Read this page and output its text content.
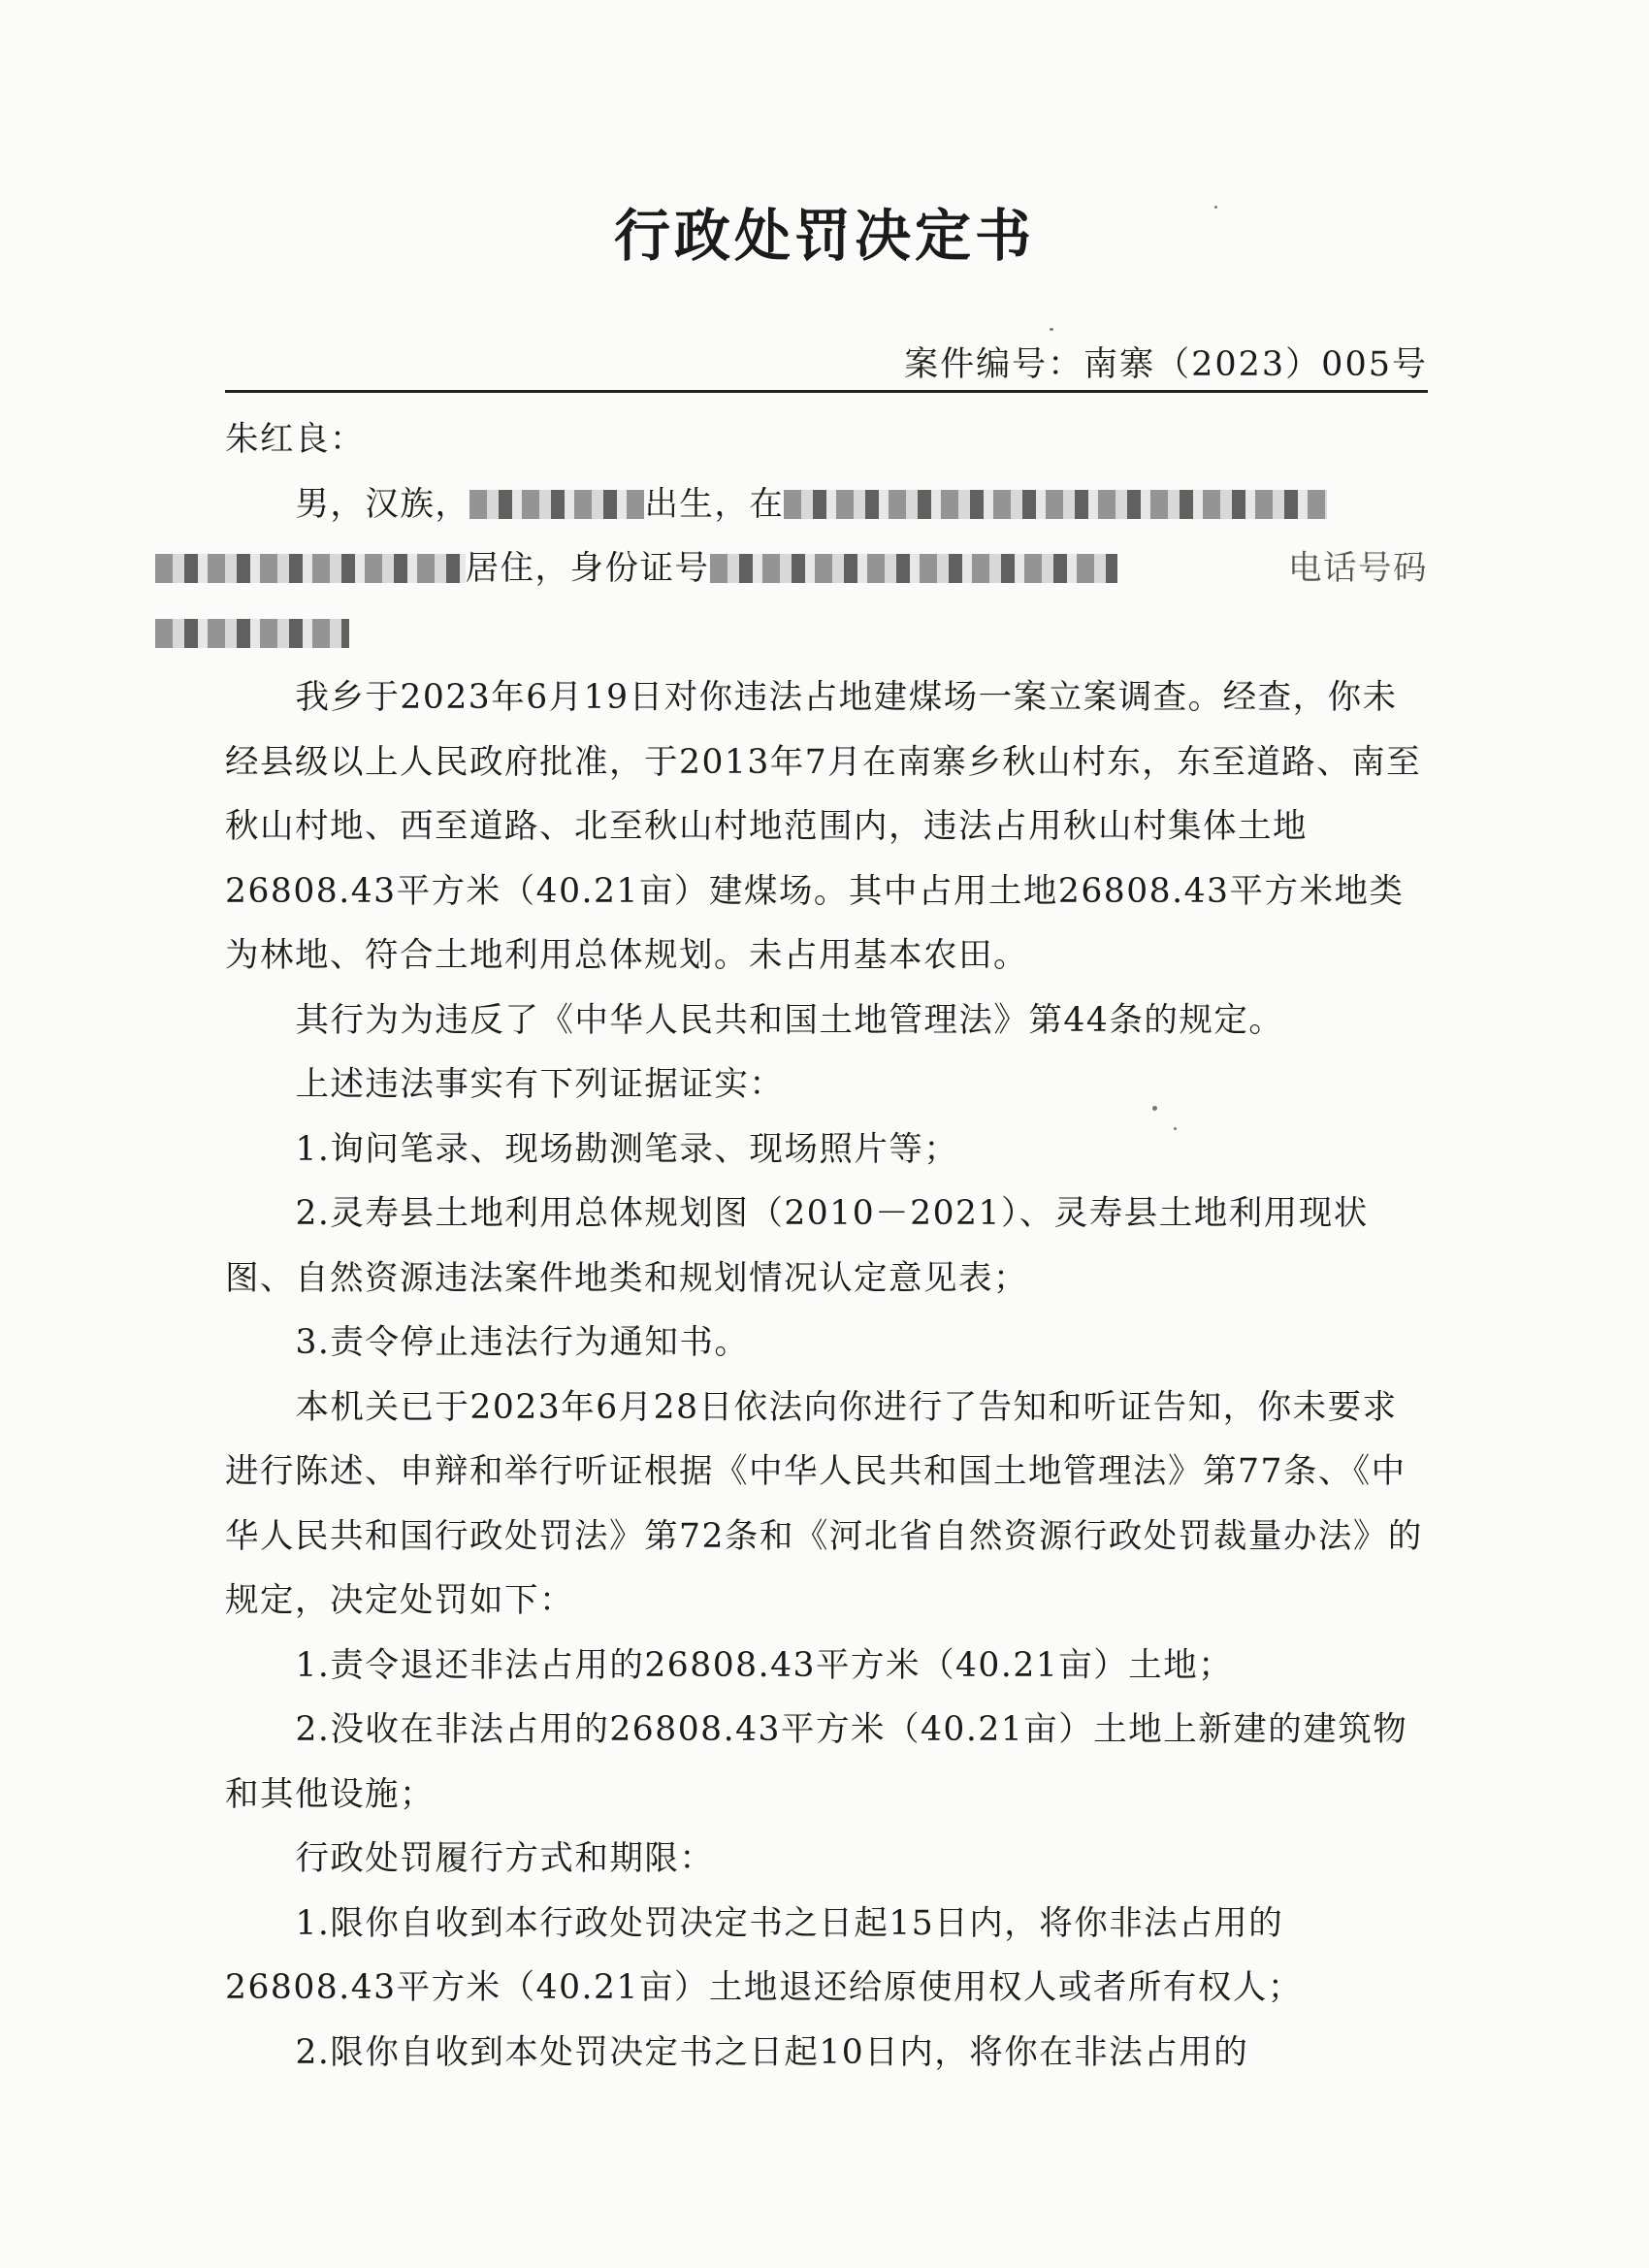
行政处罚决定书
案件编号：南寨（2023）005号

朱红良：

男，汉族，	出生，在
居住，身份证号	电话号码

我乡于2023年6月19日对你违法占地建煤场一案立案调查。经查，你未经县级以上人民政府批准，于2013年7月在南寨乡秋山村东，东至道路、南至秋山村地、西至道路、北至秋山村地范围内，违法占用秋山村集体土地26808.43平方米（40.21亩）建煤场。其中占用土地26808.43平方米地类为林地、符合土地利用总体规划。未占用基本农田。

其行为为违反了《中华人民共和国土地管理法》第44条的规定。

上述违法事实有下列证据证实：

1.询问笔录、现场勘测笔录、现场照片等；

2.灵寿县土地利用总体规划图（2010－2021）、灵寿县土地利用现状图、自然资源违法案件地类和规划情况认定意见表；

3.责令停止违法行为通知书。

本机关已于2023年6月28日依法向你进行了告知和听证告知，你未要求进行陈述、申辩和举行听证根据《中华人民共和国土地管理法》第77条、《中华人民共和国行政处罚法》第72条和《河北省自然资源行政处罚裁量办法》的规定，决定处罚如下：

1.责令退还非法占用的26808.43平方米（40.21亩）土地；

2.没收在非法占用的26808.43平方米（40.21亩）土地上新建的建筑物和其他设施；

行政处罚履行方式和期限：

1.限你自收到本行政处罚决定书之日起15日内，将你非法占用的26808.43平方米（40.21亩）土地退还给原使用权人或者所有权人；

2.限你自收到本处罚决定书之日起10日内，将你在非法占用的
